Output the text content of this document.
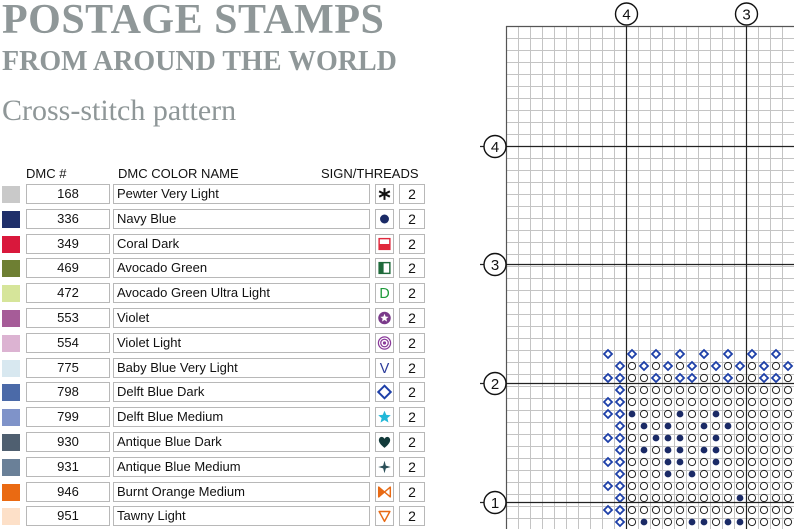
POSTAGE STAMPS
FROM AROUND THE WORLD
Cross-stitch pattern
DMC #	DMC COLOR NAME	SIGN/THREADS
168	Pewter Very Light	2
336	Navy Blue	2
349	Coral Dark	2
469	Avocado Green	2
472	Avocado Green Ultra Light	D	2
553	Violet	2
554	Violet Light	2
775	Baby Blue Very Light	V	2
798	Delft Blue Dark	2
799	Delft Blue Medium	2
930	Antique Blue Dark	2
931	Antique Blue Medium	2
946	Burnt Orange Medium	2
951	Tawny Light	2
4	3
4
3
2
1
